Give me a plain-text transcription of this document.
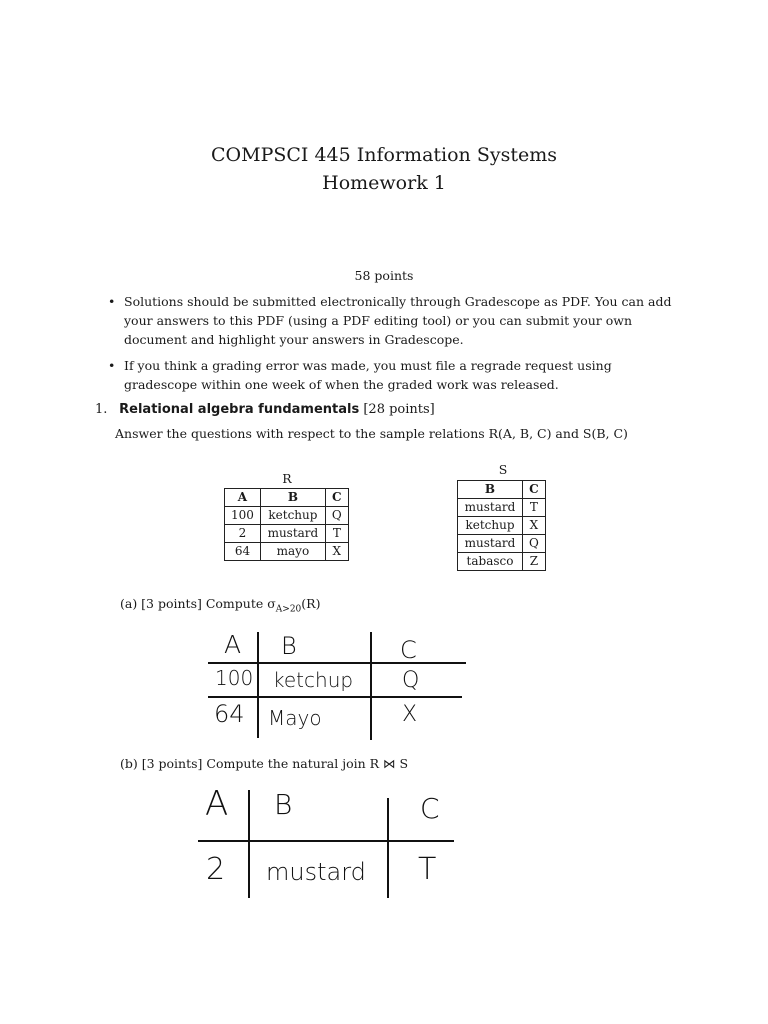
COMPSCI 445 Information Systems
Homework 1
58 points
• Solutions should be submitted electronically through Gradescope as PDF. You can add your answers to this PDF (using a PDF editing tool) or you can submit your own document and highlight your answers in Gradescope.
• If you think a grading error was made, you must file a regrade request using gradescope within one week of when the graded work was released.
1. Relational algebra fundamentals [28 points]
Answer the questions with respect to the sample relations R(A, B, C) and S(B, C)
R
A	B	C
100	ketchup	Q
2	mustard	T
64	mayo	X
S
B	C
mustard	T
ketchup	X
mustard	Q
tabasco	Z
(a) [3 points] Compute $\sigma_{A>20}(R)$
A B	C
100 ketchup Q
64 Mayo	X
(b) [3 points] Compute the natural join R ⋈ S
A B	C
2 mustard T
